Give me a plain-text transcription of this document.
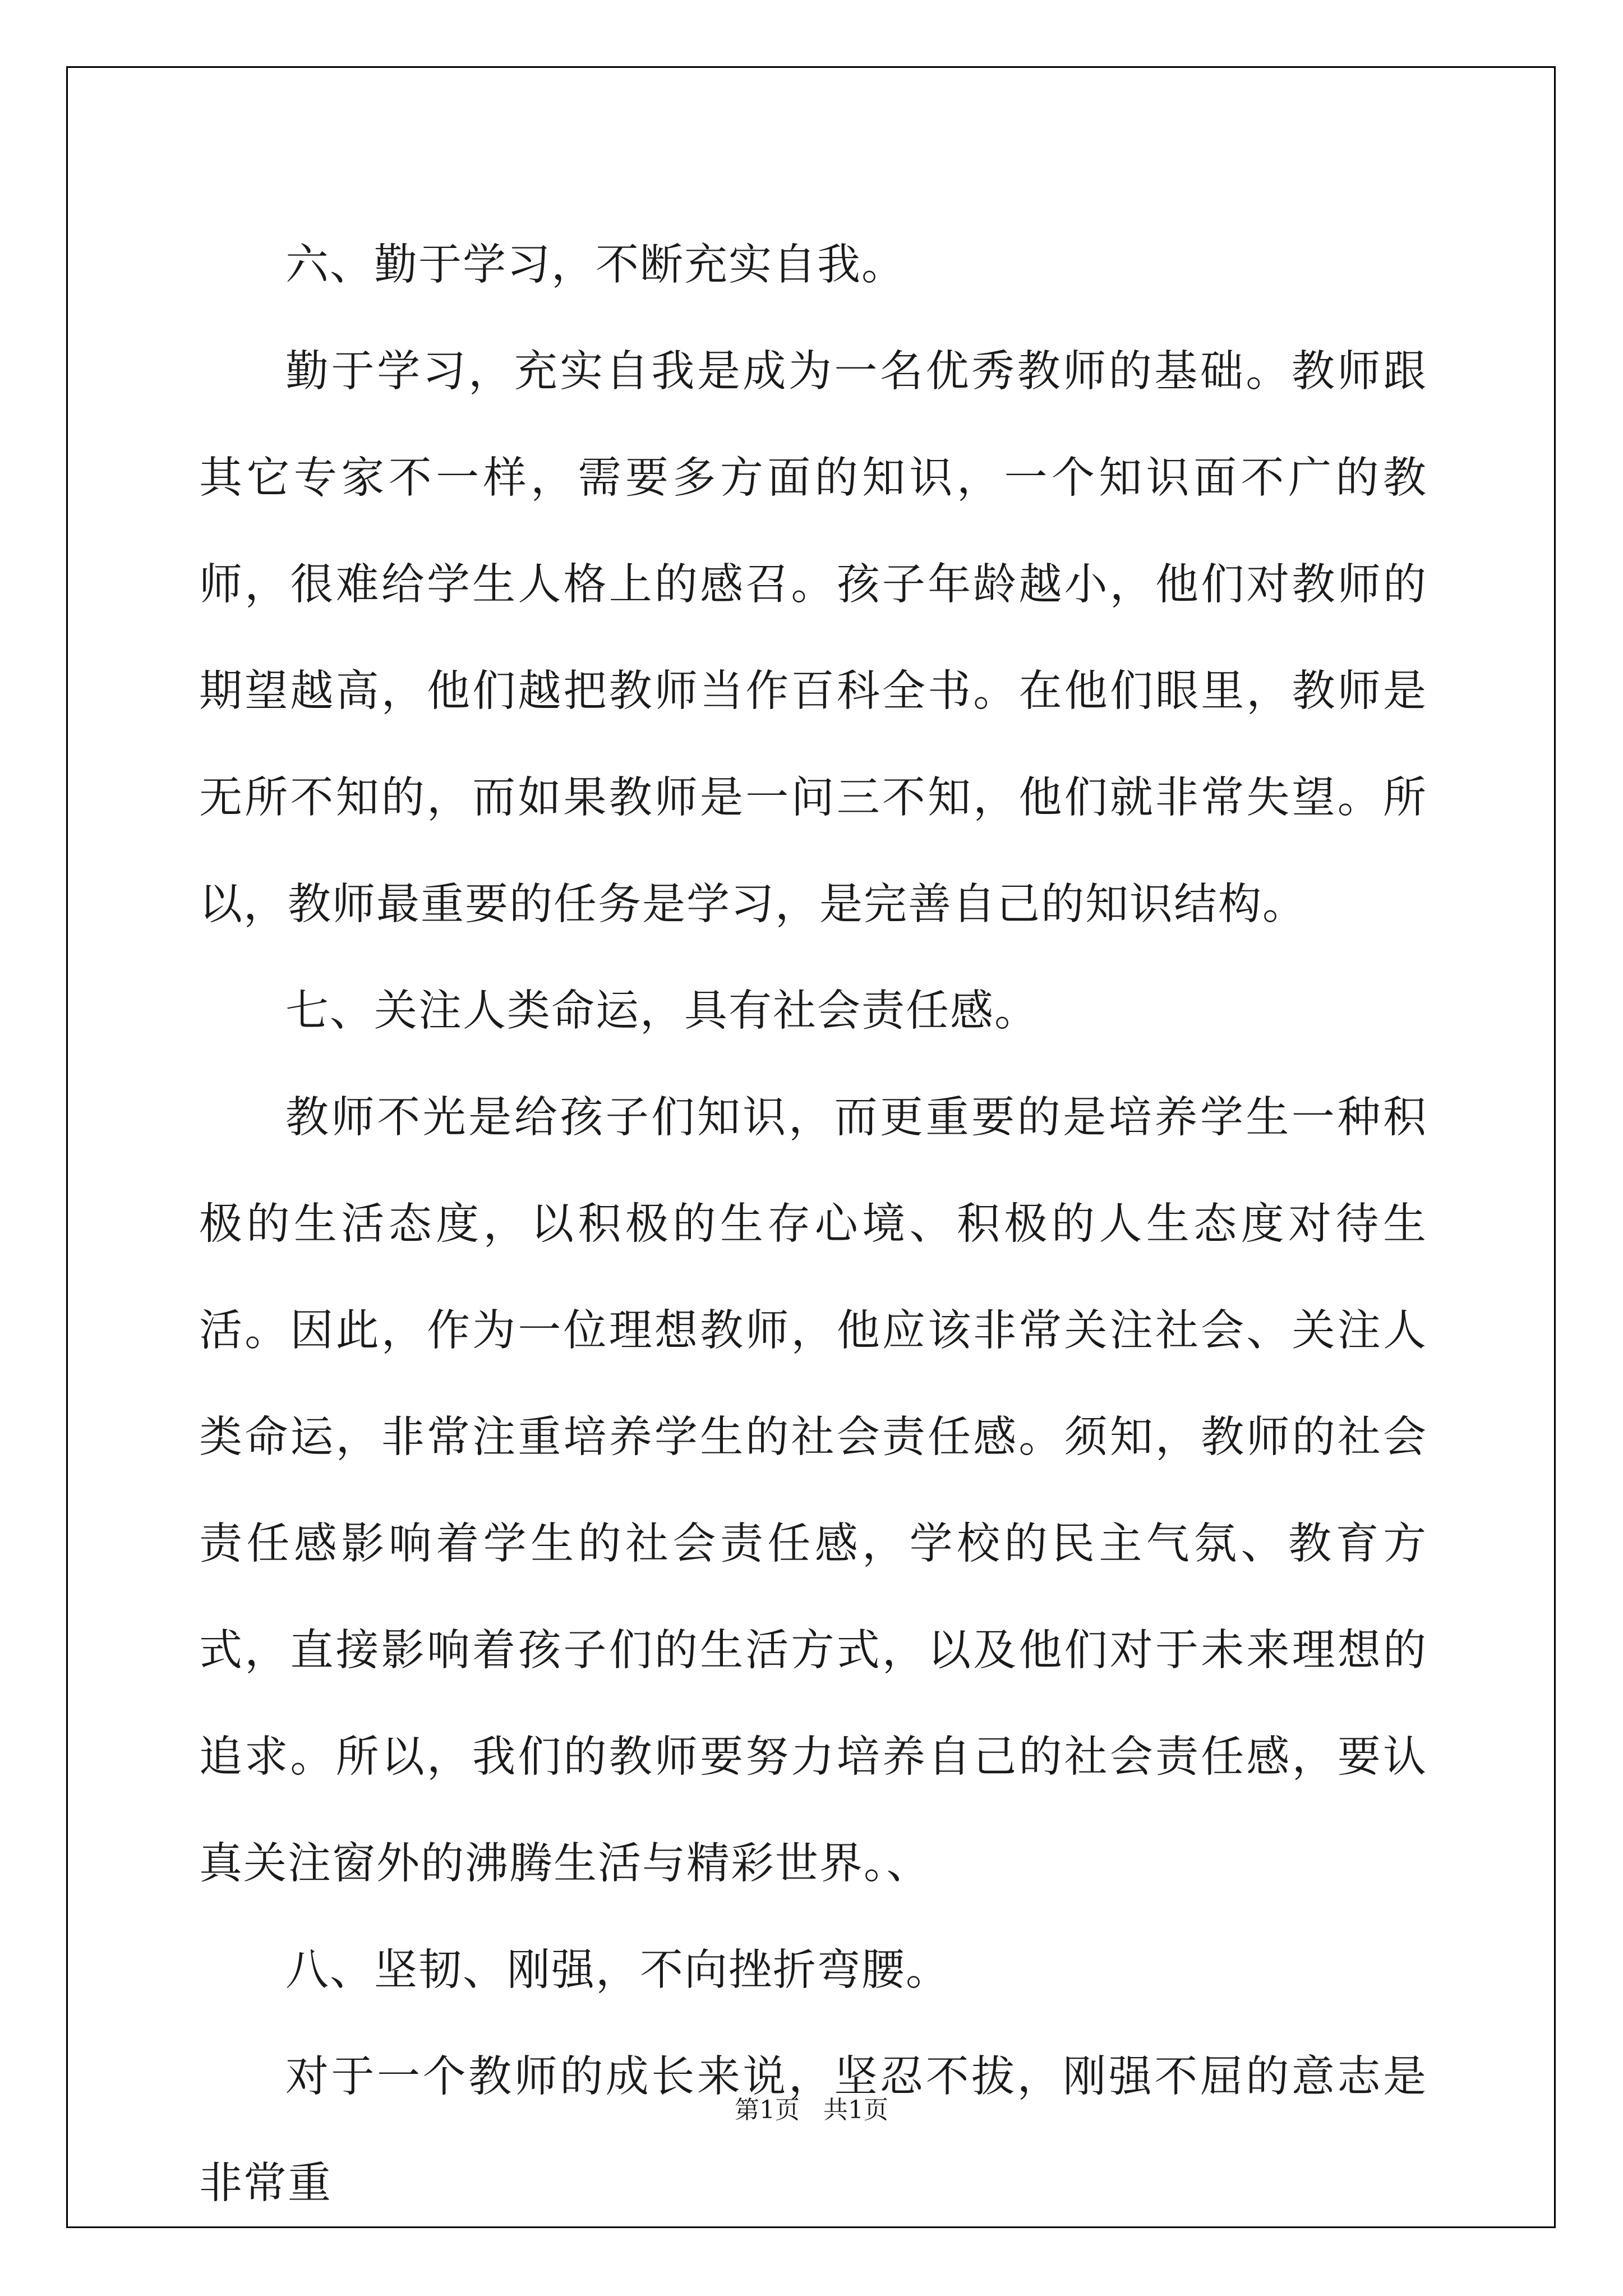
六、勤于学习，不断充实自我。

勤于学习，充实自我是成为一名优秀教师的基础。教师跟其它专家不一样，需要多方面的知识，一个知识面不广的教师，很难给学生人格上的感召。孩子年龄越小，他们对教师的期望越高，他们越把教师当作百科全书。在他们眼里，教师是无所不知的，而如果教师是一问三不知，他们就非常失望。所以，教师最重要的任务是学习，是完善自己的知识结构。

七、关注人类命运，具有社会责任感。

教师不光是给孩子们知识，而更重要的是培养学生一种积极的生活态度，以积极的生存心境、积极的人生态度对待生活。因此，作为一位理想教师，他应该非常关注社会、关注人类命运，非常注重培养学生的社会责任感。须知，教师的社会责任感影响着学生的社会责任感，学校的民主气氛、教育方式，直接影响着孩子们的生活方式，以及他们对于未来理想的追求。所以，我们的教师要努力培养自己的社会责任感，要认真关注窗外的沸腾生活与精彩世界。、

八、坚韧、刚强，不向挫折弯腰。

对于一个教师的成长来说，坚忍不拔，刚强不屈的意志是非常重

第1页   共1页
